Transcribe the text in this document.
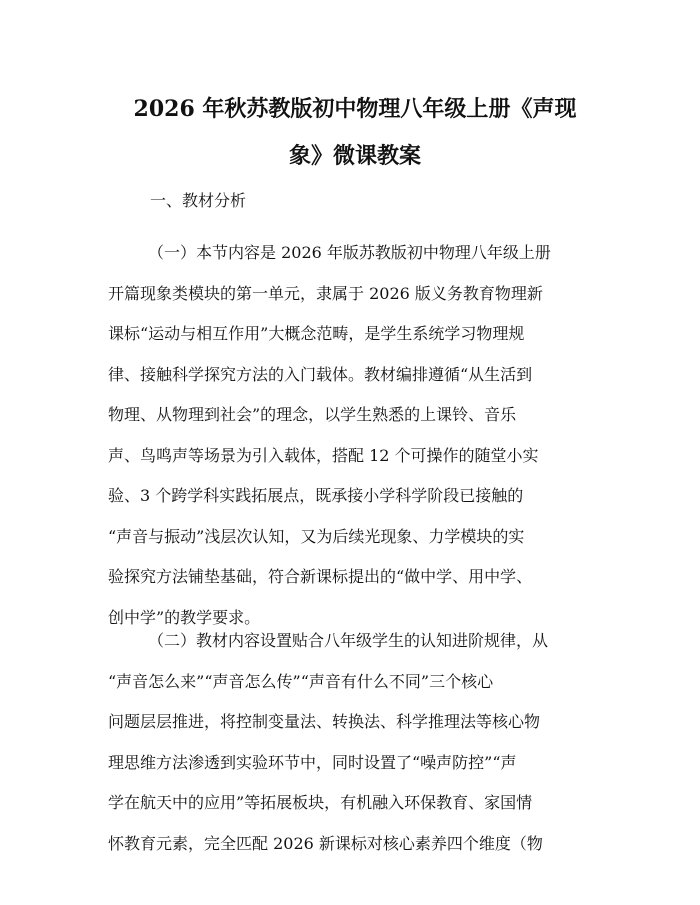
2026 年秋苏教版初中物理八年级上册《声现
象》微课教案
一、教材分析
（一）本节内容是 2026 年版苏教版初中物理八年级上册
开篇现象类模块的第一单元，隶属于 2026 版义务教育物理新
课标“运动与相互作用”大概念范畴，是学生系统学习物理规
律、接触科学探究方法的入门载体。教材编排遵循“从生活到
物理、从物理到社会”的理念，以学生熟悉的上课铃、音乐
声、鸟鸣声等场景为引入载体，搭配 12 个可操作的随堂小实
验、3 个跨学科实践拓展点，既承接小学科学阶段已接触的
“声音与振动”浅层次认知，又为后续光现象、力学模块的实
验探究方法铺垫基础，符合新课标提出的“做中学、用中学、
创中学”的教学要求。
（二）教材内容设置贴合八年级学生的认知进阶规律，从
“声音怎么来”“声音怎么传”“声音有什么不同”三个核心
问题层层推进，将控制变量法、转换法、科学推理法等核心物
理思维方法渗透到实验环节中，同时设置了“噪声防控”“声
学在航天中的应用”等拓展板块，有机融入环保教育、家国情
怀教育元素，完全匹配 2026 新课标对核心素养四个维度（物
